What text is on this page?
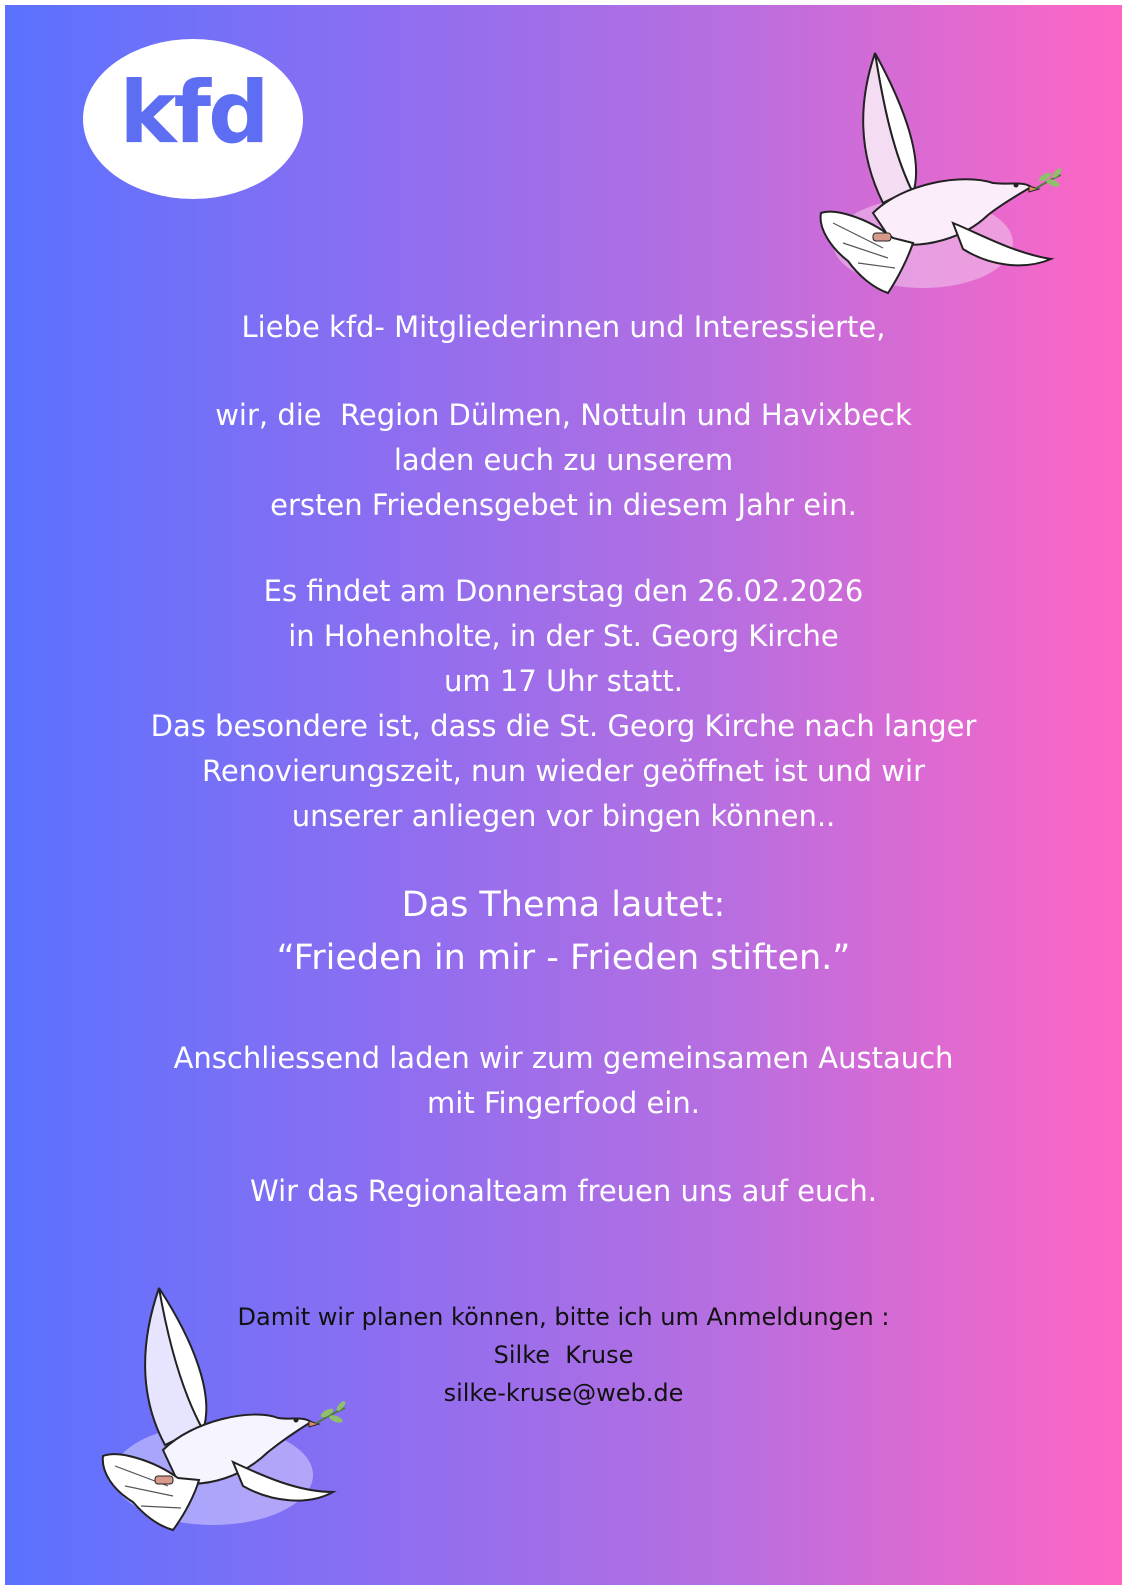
kfd
Liebe kfd- Mitgliederinnen und Interessierte,
wir, die  Region Dülmen, Nottuln und Havixbeck
laden euch zu unserem
ersten Friedensgebet in diesem Jahr ein.
Es findet am Donnerstag den 26.02.2026
in Hohenholte, in der St. Georg Kirche
um 17 Uhr statt.
Das besondere ist, dass die St. Georg Kirche nach langer
Renovierungszeit, nun wieder geöffnet ist und wir
unserer anliegen vor bingen können..
Das Thema lautet:
“Frieden in mir - Frieden stiften.”
Anschliessend laden wir zum gemeinsamen Austauch
mit Fingerfood ein.
Wir das Regionalteam freuen uns auf euch.
Damit wir planen können, bitte ich um Anmeldungen :
Silke  Kruse
silke-kruse@web.de
